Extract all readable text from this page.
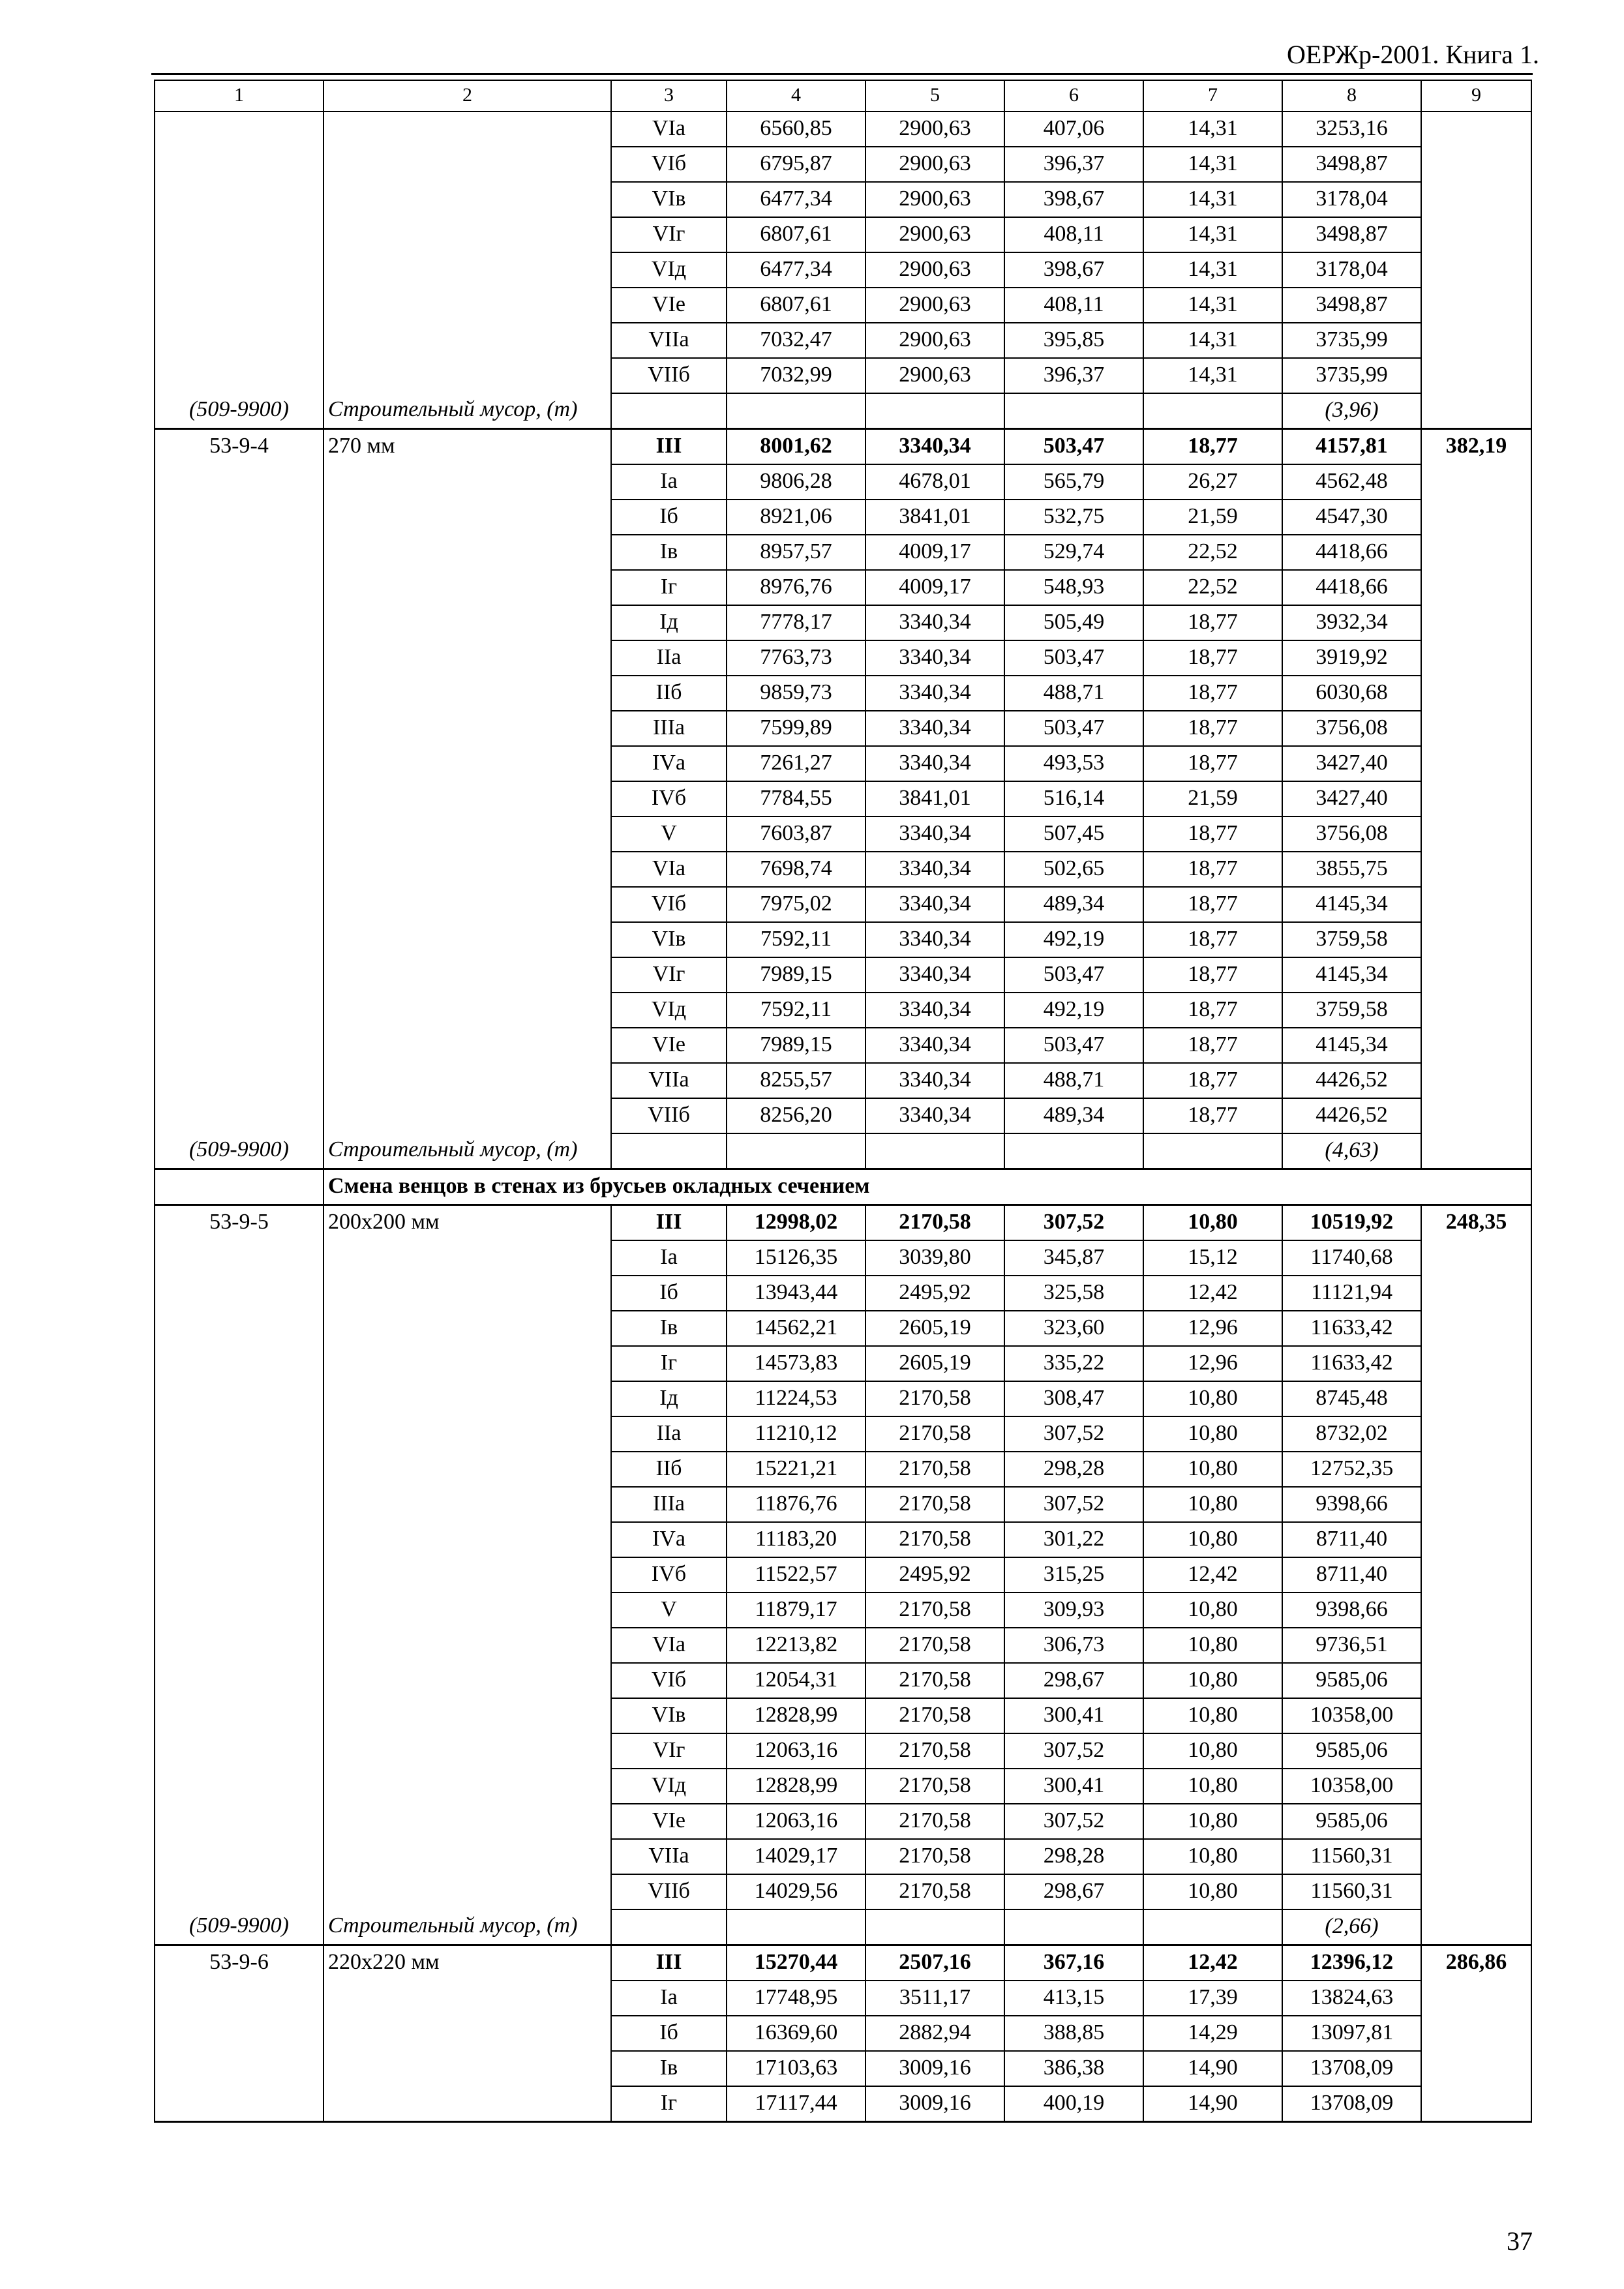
ОЕРЖр-2001. Книга 1.
1	2	3	4	5	6	7	8	9
		VIа	6560,85	2900,63	407,06	14,31	3253,16	
		VIб	6795,87	2900,63	396,37	14,31	3498,87	
		VIв	6477,34	2900,63	398,67	14,31	3178,04	
		VIг	6807,61	2900,63	408,11	14,31	3498,87	
		VIд	6477,34	2900,63	398,67	14,31	3178,04	
		VIе	6807,61	2900,63	408,11	14,31	3498,87	
		VIIа	7032,47	2900,63	395,85	14,31	3735,99	
		VIIб	7032,99	2900,63	396,37	14,31	3735,99	
(509-9900)	Строительный мусор, (т)						(3,96)	
53-9-4	270 мм	III	8001,62	3340,34	503,47	18,77	4157,81	382,19
		Iа	9806,28	4678,01	565,79	26,27	4562,48	
		Iб	8921,06	3841,01	532,75	21,59	4547,30	
		Iв	8957,57	4009,17	529,74	22,52	4418,66	
		Iг	8976,76	4009,17	548,93	22,52	4418,66	
		Iд	7778,17	3340,34	505,49	18,77	3932,34	
		IIа	7763,73	3340,34	503,47	18,77	3919,92	
		IIб	9859,73	3340,34	488,71	18,77	6030,68	
		IIIа	7599,89	3340,34	503,47	18,77	3756,08	
		IVа	7261,27	3340,34	493,53	18,77	3427,40	
		IVб	7784,55	3841,01	516,14	21,59	3427,40	
		V	7603,87	3340,34	507,45	18,77	3756,08	
		VIа	7698,74	3340,34	502,65	18,77	3855,75	
		VIб	7975,02	3340,34	489,34	18,77	4145,34	
		VIв	7592,11	3340,34	492,19	18,77	3759,58	
		VIг	7989,15	3340,34	503,47	18,77	4145,34	
		VIд	7592,11	3340,34	492,19	18,77	3759,58	
		VIе	7989,15	3340,34	503,47	18,77	4145,34	
		VIIа	8255,57	3340,34	488,71	18,77	4426,52	
		VIIб	8256,20	3340,34	489,34	18,77	4426,52	
(509-9900)	Строительный мусор, (т)						(4,63)	
	Смена венцов в стенах из брусьев окладных сечением							
53-9-5	200x200 мм	III	12998,02	2170,58	307,52	10,80	10519,92	248,35
		Iа	15126,35	3039,80	345,87	15,12	11740,68	
		Iб	13943,44	2495,92	325,58	12,42	11121,94	
		Iв	14562,21	2605,19	323,60	12,96	11633,42	
		Iг	14573,83	2605,19	335,22	12,96	11633,42	
		Iд	11224,53	2170,58	308,47	10,80	8745,48	
		IIа	11210,12	2170,58	307,52	10,80	8732,02	
		IIб	15221,21	2170,58	298,28	10,80	12752,35	
		IIIа	11876,76	2170,58	307,52	10,80	9398,66	
		IVа	11183,20	2170,58	301,22	10,80	8711,40	
		IVб	11522,57	2495,92	315,25	12,42	8711,40	
		V	11879,17	2170,58	309,93	10,80	9398,66	
		VIа	12213,82	2170,58	306,73	10,80	9736,51	
		VIб	12054,31	2170,58	298,67	10,80	9585,06	
		VIв	12828,99	2170,58	300,41	10,80	10358,00	
		VIг	12063,16	2170,58	307,52	10,80	9585,06	
		VIд	12828,99	2170,58	300,41	10,80	10358,00	
		VIе	12063,16	2170,58	307,52	10,80	9585,06	
		VIIа	14029,17	2170,58	298,28	10,80	11560,31	
		VIIб	14029,56	2170,58	298,67	10,80	11560,31	
(509-9900)	Строительный мусор, (т)						(2,66)	
53-9-6	220x220 мм	III	15270,44	2507,16	367,16	12,42	12396,12	286,86
		Iа	17748,95	3511,17	413,15	17,39	13824,63	
		Iб	16369,60	2882,94	388,85	14,29	13097,81	
		Iв	17103,63	3009,16	386,38	14,90	13708,09	
		Iг	17117,44	3009,16	400,19	14,90	13708,09	
37
